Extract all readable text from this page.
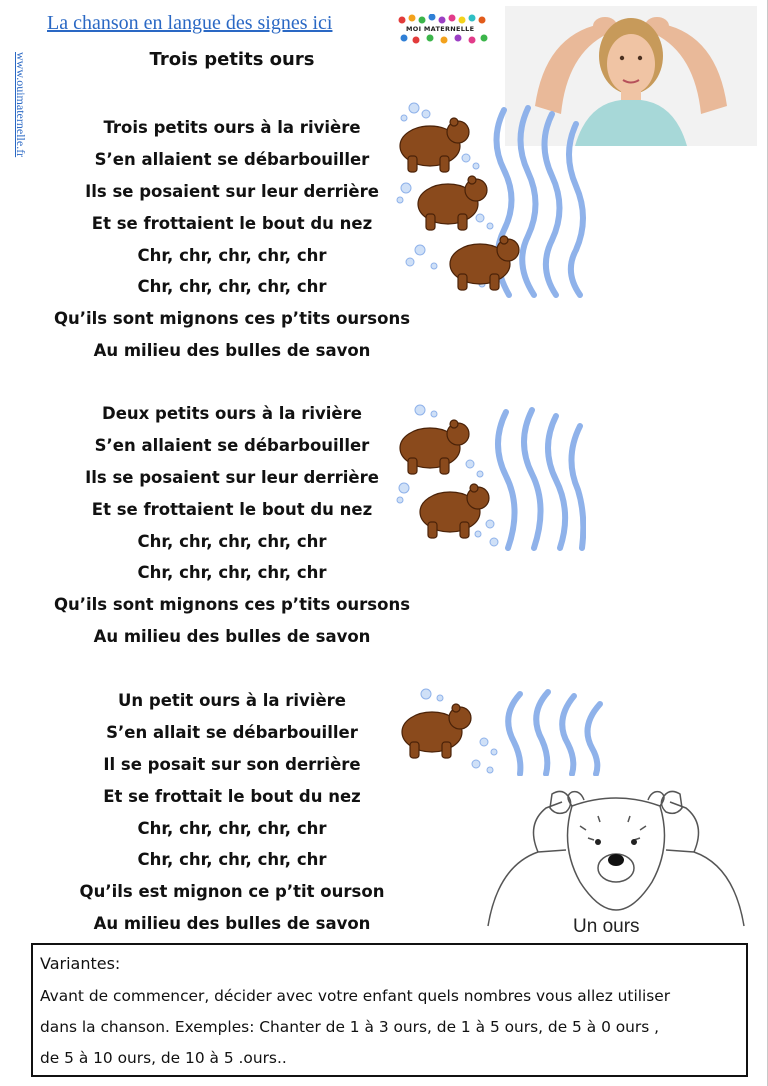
La chanson en langue des signes ici
www.ouimaternelle.fr
MOI MATERNELLE
Trois petits ours
Trois petits ours à la rivière
S’en allaient se débarbouiller
Ils se posaient sur leur derrière
Et se frottaient le bout du nez
Chr, chr, chr, chr, chr
Chr, chr, chr, chr, chr
Qu’ils sont mignons ces p’tits oursons
Au milieu des bulles de savon
Deux petits ours à la rivière
S’en allaient se débarbouiller
Ils se posaient sur leur derrière
Et se frottaient le bout du nez
Chr, chr, chr, chr, chr
Chr, chr, chr, chr, chr
Qu’ils sont mignons ces p’tits oursons
Au milieu des bulles de savon
Un petit ours à la rivière
S’en allait se débarbouiller
Il se posait sur son derrière
Et se frottait le bout du nez
Chr, chr, chr, chr, chr
Chr, chr, chr, chr, chr
Qu’ils est mignon ce p’tit ourson
Au milieu des bulles de savon	Un ours
Variantes:
Avant de commencer, décider avec votre enfant quels nombres vous allez utiliser
dans la chanson. Exemples: Chanter de 1 à 3 ours, de 1 à 5 ours, de 5 à 0 ours ,
de 5 à 10 ours, de 10 à 5 .ours..
